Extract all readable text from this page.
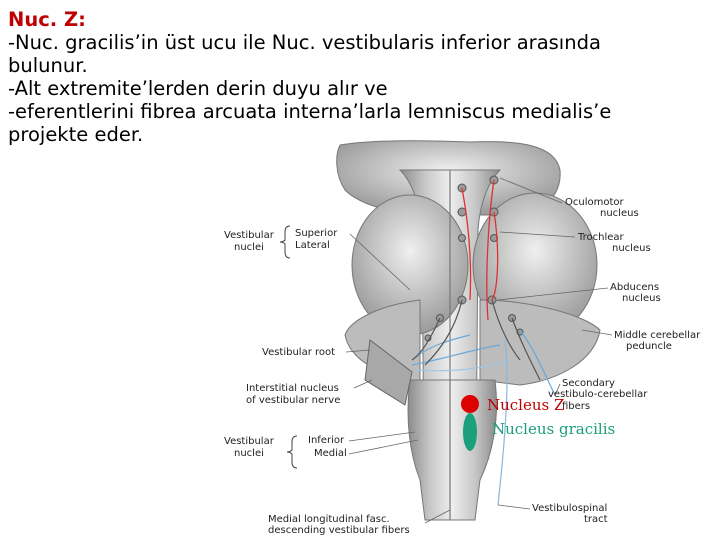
Oculomotor
nucleus
Trochlear
nucleus
Abducens
nucleus
Middle cerebellar
peduncle
Secondary
vestibulo-cerebellar
fibers
Vestibulospinal
tract
Vestibular
nuclei
Superior
Lateral
Vestibular root
Interstitial nucleus
of vestibular nerve
Vestibular
nuclei
Inferior
Medial
Medial longitudinal fasc.
descending vestibular fibers
Nucleus Z
Nucleus gracilis
Nuc. Z:
-Nuc. gracilis’in üst ucu ile Nuc. vestibularis inferior arasında
bulunur.
-Alt extremite’lerden derin duyu alır ve
-eferentlerini fibrea arcuata interna’larla lemniscus medialis’e
projekte eder.
